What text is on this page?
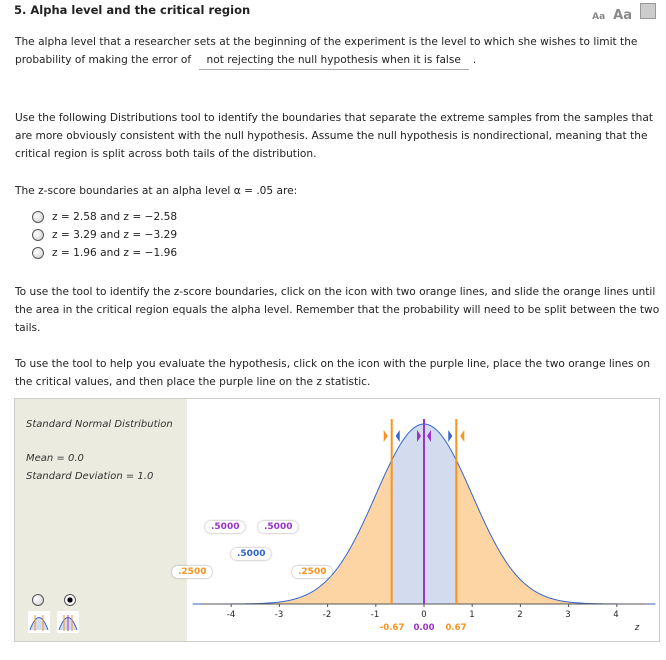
5. Alpha level and the critical region	Aa Aa

The alpha level that a researcher sets at the beginning of the experiment is the level to which she wishes to limit the probability of making the error of not rejecting the null hypothesis when it is false .

Use the following Distributions tool to identify the boundaries that separate the extreme samples from the samples that are more obviously consistent with the null hypothesis. Assume the null hypothesis is nondirectional, meaning that the critical region is split across both tails of the distribution.

The z-score boundaries at an alpha level α = .05 are:

z = 2.58 and z = −2.58
z = 3.29 and z = −3.29
z = 1.96 and z = −1.96

To use the tool to identify the z-score boundaries, click on the icon with two orange lines, and slide the orange lines until the area in the critical region equals the alpha level. Remember that the probability will need to be split between the two tails.

To use the tool to help you evaluate the hypothesis, click on the icon with the purple line, place the two orange lines on the critical values, and then place the purple line on the z statistic.

Standard Normal Distribution
Mean = 0.0
Standard Deviation = 1.0
.5000	.5000
.5000
.2500	.2500
-4	-3	-2	-1	0	1	2	3	4
-0.67 0.00 0.67	z
